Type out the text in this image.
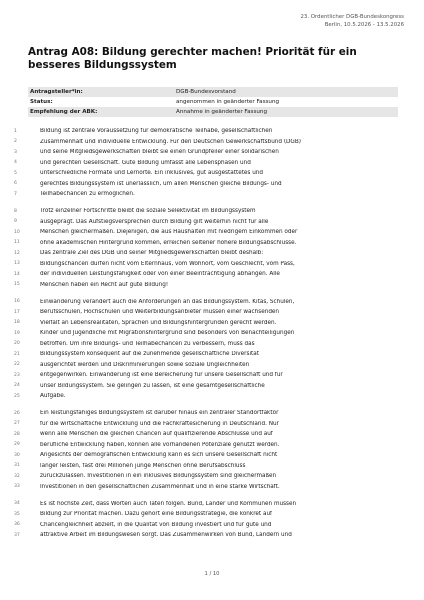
23. Ordentlicher DGB-Bundeskongress
Berlin, 10.5.2026 - 13.5.2026
Antrag A08: Bildung gerechter machen! Priorität für ein besseres Bildungssystem
Antragsteller*in:	DGB-Bundesvorstand
Status:	angenommen in geänderter Fassung
Empfehlung der ABK:	Annahme in geänderter Fassung
1	Bildung ist zentrale Voraussetzung für demokratische Teilhabe, gesellschaftlichen
2	Zusammenhalt und individuelle Entwicklung. Für den Deutschen Gewerkschaftsbund (DGB)
3	und seine Mitgliedsgewerkschaften bleibt sie einen Grundpfeiler einer solidarischen
4	und gerechten Gesellschaft. Gute Bildung umfasst alle Lebensphasen und
5	unterschiedliche Formate und Lernorte. Ein inklusives, gut ausgestattetes und
6	gerechtes Bildungssystem ist unerlässlich, um allen Menschen gleiche Bildungs- und
7	Teilhabechancen zu ermöglichen.
8	Trotz einzelner Fortschritte bleibt die soziale Selektivität im Bildungssystem
9	ausgeprägt. Das Aufstiegsversprechen durch Bildung gilt weiterhin nicht für alle
10	Menschen gleichermaßen. Diejenigen, die aus Haushalten mit niedrigem Einkommen oder
11	ohne akademischen Hintergrund kommen, erreichen seltener höhere Bildungsabschlüsse.
12	Das zentrale Ziel des DGB und seiner Mitgliedsgewerkschaften bleibt deshalb:
13	Bildungschancen dürfen nicht vom Elternhaus, vom Wohnort, vom Geschlecht, vom Pass,
14	der individuellen Leistungsfähigkeit oder von einer Beeinträchtigung abhängen. Alle
15	Menschen haben ein Recht auf gute Bildung!
16	Einwanderung verändert auch die Anforderungen an das Bildungssystem. Kitas, Schulen,
17	Berufsschulen, Hochschulen und Weiterbildungsanbieter müssen einer wachsenden
18	Vielfalt an Lebensrealitäten, Sprachen und Bildungshintergründen gerecht werden.
19	Kinder und Jugendliche mit Migrationshintergrund sind besonders von Benachteiligungen
20	betroffen. Um ihre Bildungs- und Teilhabechancen zu verbessern, muss das
21	Bildungssystem konsequent auf die zunehmende gesellschaftliche Diversität
22	ausgerichtet werden und Diskriminierungen sowie soziale Ungleichheiten
23	entgegenwirken. Einwanderung ist eine Bereicherung für unsere Gesellschaft und für
24	unser Bildungssystem. Sie gelingen zu lassen, ist eine gesamtgesellschaftliche
25	Aufgabe.
26	Ein leistungsfähiges Bildungssystem ist darüber hinaus ein zentraler Standortfaktor
27	für die wirtschaftliche Entwicklung und die Fachkräftesicherung in Deutschland. Nur
28	wenn alle Menschen die gleichen Chancen auf qualifizierende Abschlüsse und auf
29	berufliche Entwicklung haben, können alle vorhandenen Potenziale genutzt werden.
30	Angesichts der demografischen Entwicklung kann es sich unsere Gesellschaft nicht
31	länger leisten, fast drei Millionen junge Menschen ohne Berufsabschluss
32	zurückzulassen. Investitionen in ein inklusives Bildungssystem sind gleichermaßen
33	Investitionen in den gesellschaftlichen Zusammenhalt und in eine starke Wirtschaft.
34	Es ist höchste Zeit, dass Worten auch Taten folgen. Bund, Länder und Kommunen müssen
35	Bildung zur Priorität machen. Dazu gehört eine Bildungsstrategie, die konkret auf
36	Chancengleichheit abzielt, in die Qualität von Bildung investiert und für gute und
37	attraktive Arbeit im Bildungswesen sorgt. Das Zusammenwirken von Bund, Ländern und
1 / 10
